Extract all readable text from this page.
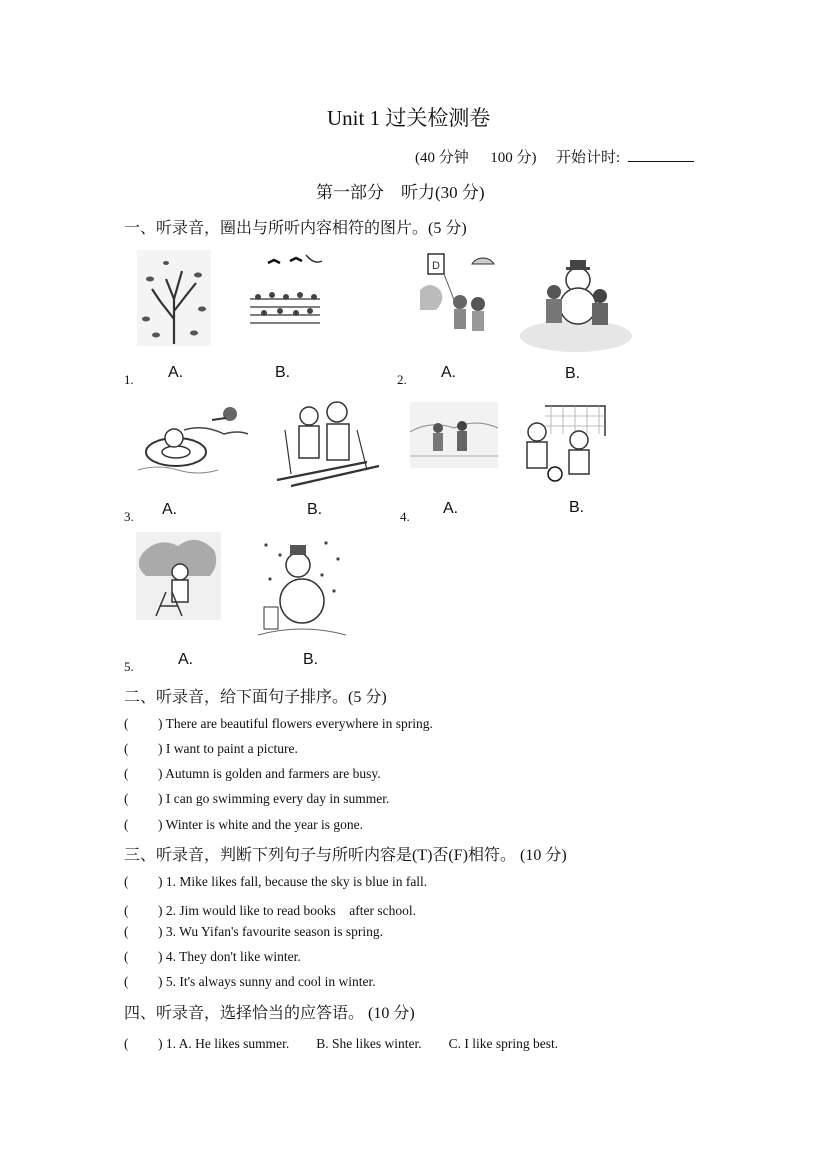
Unit 1 过关检测卷
(40 分钟 100 分) 开始计时:
第一部分　听力(30 分)
一、听录音，圈出与所听内容相符的图片。(5 分)
1. A.	B.
D
2. A.	B.
3. A.	B.	4. A.	B.
5.	A.	B.
二、听录音，给下面句子排序。(5 分)
( ) There are beautiful flowers everywhere in spring.
( ) I want to paint a picture.
( ) Autumn is golden and farmers are busy.
( ) I can go swimming every day in summer.
( ) Winter is white and the year is gone.
三、听录音，判断下列句子与所听内容是(T)否(F)相符。 (10 分)
( ) 1. Mike likes fall, because the sky is blue in fall.
( ) 2. Jim would like to read books　after school.
( ) 3. Wu Yifan's favourite season is spring.
( ) 4. They don't like winter.
( ) 5. It's always sunny and cool in winter.
四、听录音，选择恰当的应答语。 (10 分)
( ) 1. A. He likes summer.　　B. She likes winter.　　C. I like spring best.
